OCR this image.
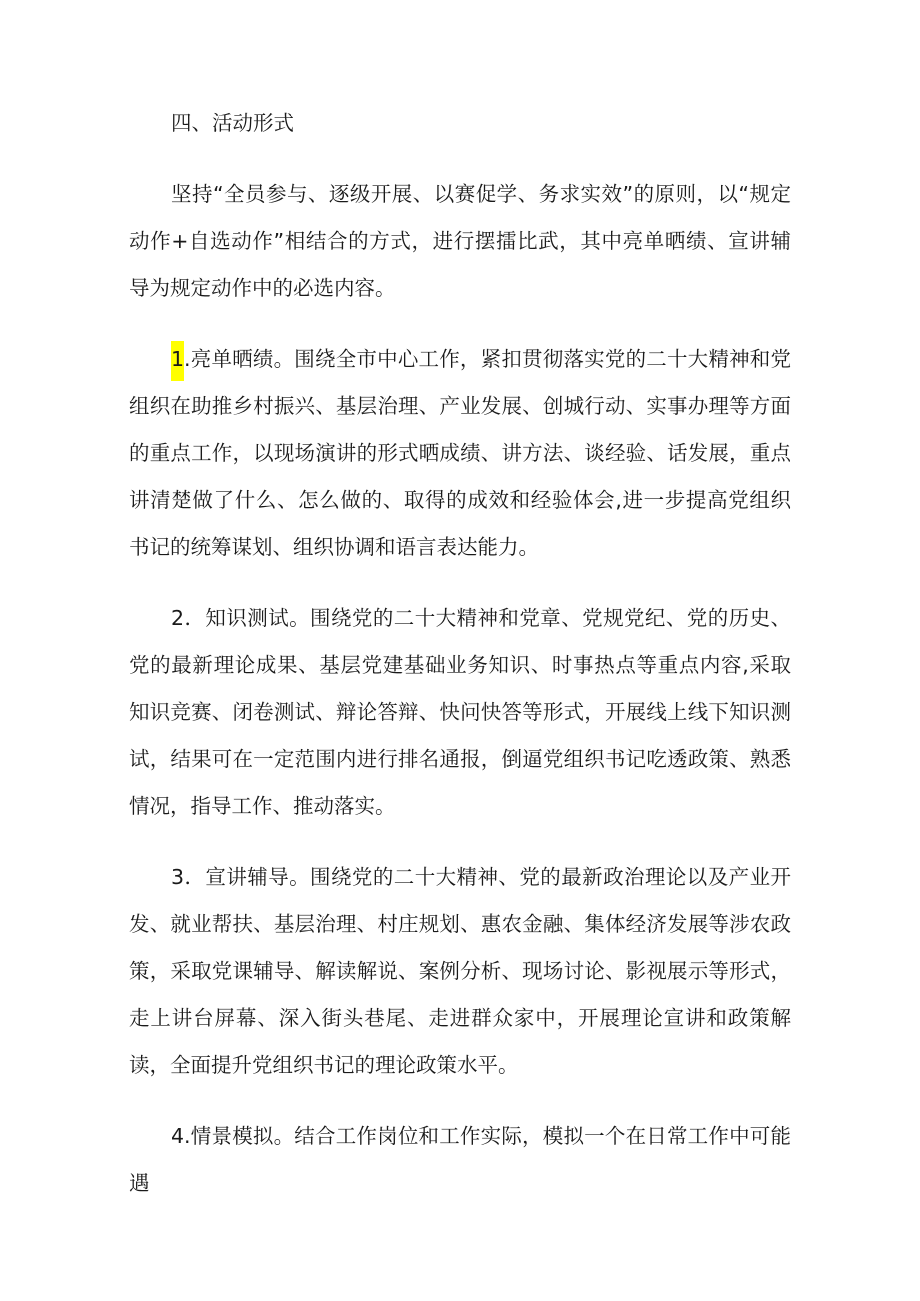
四、活动形式

坚持“全员参与、逐级开展、以赛促学、务求实效”的原则，以“规定动作+自选动作”相结合的方式，进行摆擂比武，其中亮单晒绩、宣讲辅导为规定动作中的必选内容。

1.亮单晒绩。围绕全市中心工作，紧扣贯彻落实党的二十大精神和党组织在助推乡村振兴、基层治理、产业发展、创城行动、实事办理等方面的重点工作，以现场演讲的形式晒成绩、讲方法、谈经验、话发展，重点讲清楚做了什么、怎么做的、取得的成效和经验体会,进一步提高党组织书记的统筹谋划、组织协调和语言表达能力。

2．知识测试。围绕党的二十大精神和党章、党规党纪、党的历史、党的最新理论成果、基层党建基础业务知识、时事热点等重点内容,采取知识竞赛、闭卷测试、辩论答辩、快问快答等形式，开展线上线下知识测试，结果可在一定范围内进行排名通报，倒逼党组织书记吃透政策、熟悉情况，指导工作、推动落实。

3．宣讲辅导。围绕党的二十大精神、党的最新政治理论以及产业开发、就业帮扶、基层治理、村庄规划、惠农金融、集体经济发展等涉农政策，采取党课辅导、解读解说、案例分析、现场讨论、影视展示等形式，走上讲台屏幕、深入街头巷尾、走进群众家中，开展理论宣讲和政策解读，全面提升党组织书记的理论政策水平。

4.情景模拟。结合工作岗位和工作实际，模拟一个在日常工作中可能遇
